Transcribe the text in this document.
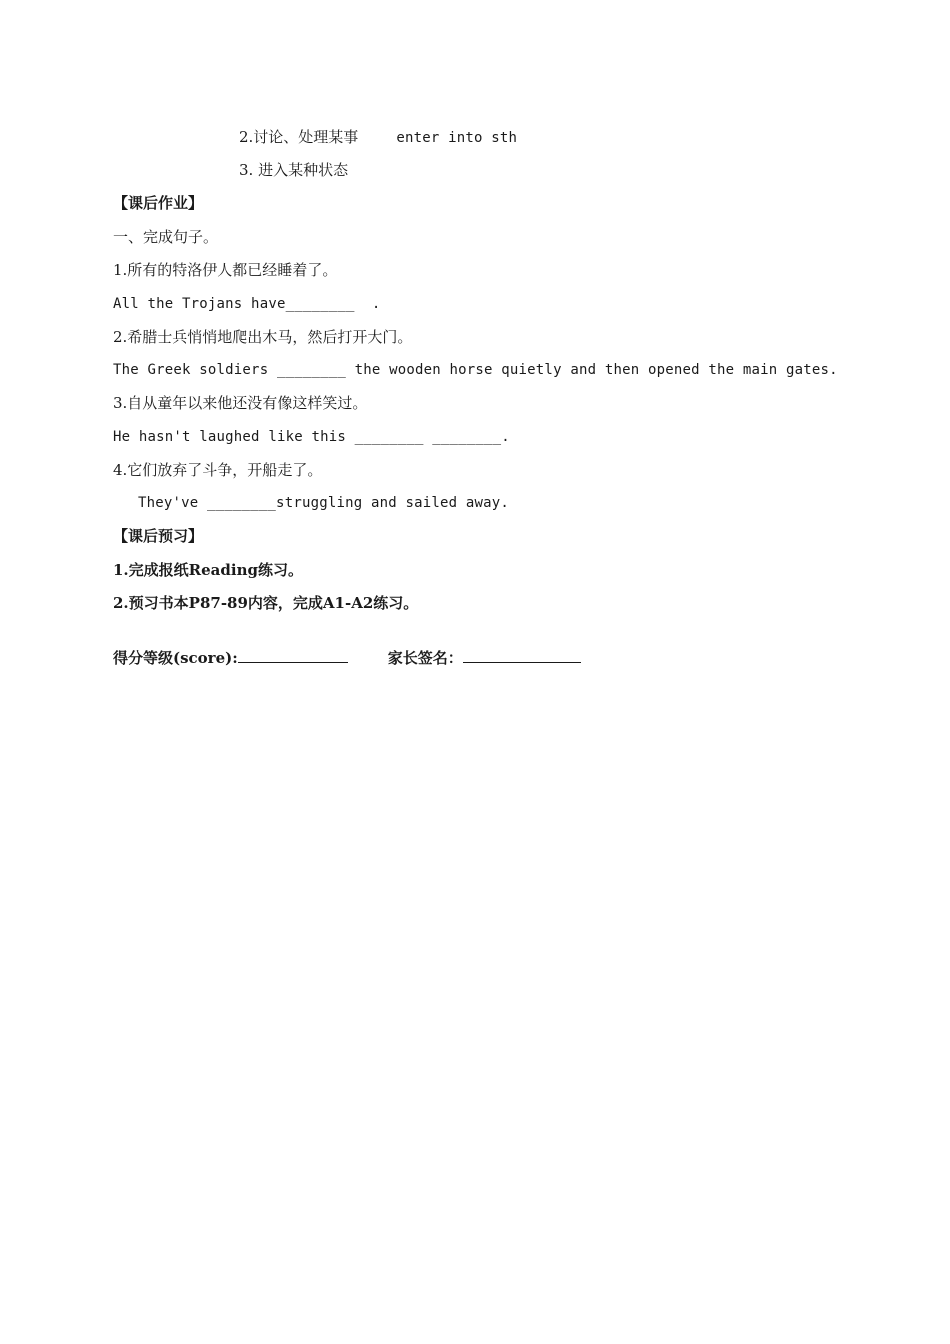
2.讨论、处理某事	enter into sth
3. 进入某种状态
【课后作业】
一、完成句子。
1.所有的特洛伊人都已经睡着了。
All the Trojans have________  .
2.希腊士兵悄悄地爬出木马，然后打开大门。
The Greek soldiers ________ the wooden horse quietly and then opened the main gates.
3.自从童年以来他还没有像这样笑过。
He hasn't laughed like this ________ ________.
4.它们放弃了斗争，开船走了。
They've ________struggling and sailed away.
【课后预习】
1.完成报纸Reading练习。
2.预习书本P87-89内容，完成A1-A2练习。
得分等级(score):	家长签名：
